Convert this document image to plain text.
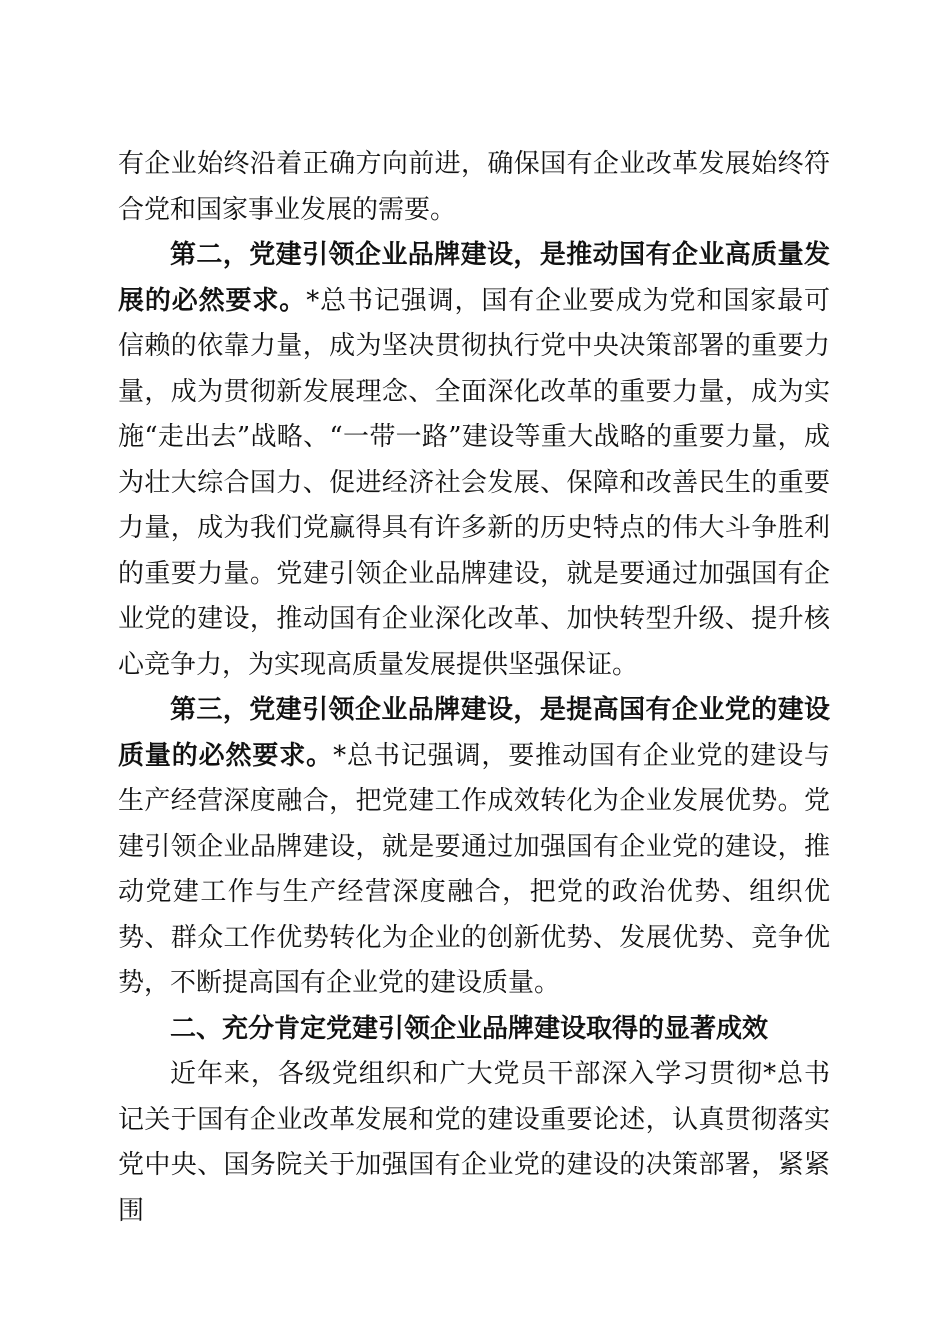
有企业始终沿着正确方向前进，确保国有企业改革发展始终符合党和国家事业发展的需要。

第二，党建引领企业品牌建设，是推动国有企业高质量发展的必然要求。*总书记强调，国有企业要成为党和国家最可信赖的依靠力量，成为坚决贯彻执行党中央决策部署的重要力量，成为贯彻新发展理念、全面深化改革的重要力量，成为实施“走出去”战略、“一带一路”建设等重大战略的重要力量，成为壮大综合国力、促进经济社会发展、保障和改善民生的重要力量，成为我们党赢得具有许多新的历史特点的伟大斗争胜利的重要力量。党建引领企业品牌建设，就是要通过加强国有企业党的建设，推动国有企业深化改革、加快转型升级、提升核心竞争力，为实现高质量发展提供坚强保证。

第三，党建引领企业品牌建设，是提高国有企业党的建设质量的必然要求。*总书记强调，要推动国有企业党的建设与生产经营深度融合，把党建工作成效转化为企业发展优势。党建引领企业品牌建设，就是要通过加强国有企业党的建设，推动党建工作与生产经营深度融合，把党的政治优势、组织优势、群众工作优势转化为企业的创新优势、发展优势、竞争优势，不断提高国有企业党的建设质量。

二、充分肯定党建引领企业品牌建设取得的显著成效

近年来，各级党组织和广大党员干部深入学习贯彻*总书记关于国有企业改革发展和党的建设重要论述，认真贯彻落实党中央、国务院关于加强国有企业党的建设的决策部署，紧紧围
